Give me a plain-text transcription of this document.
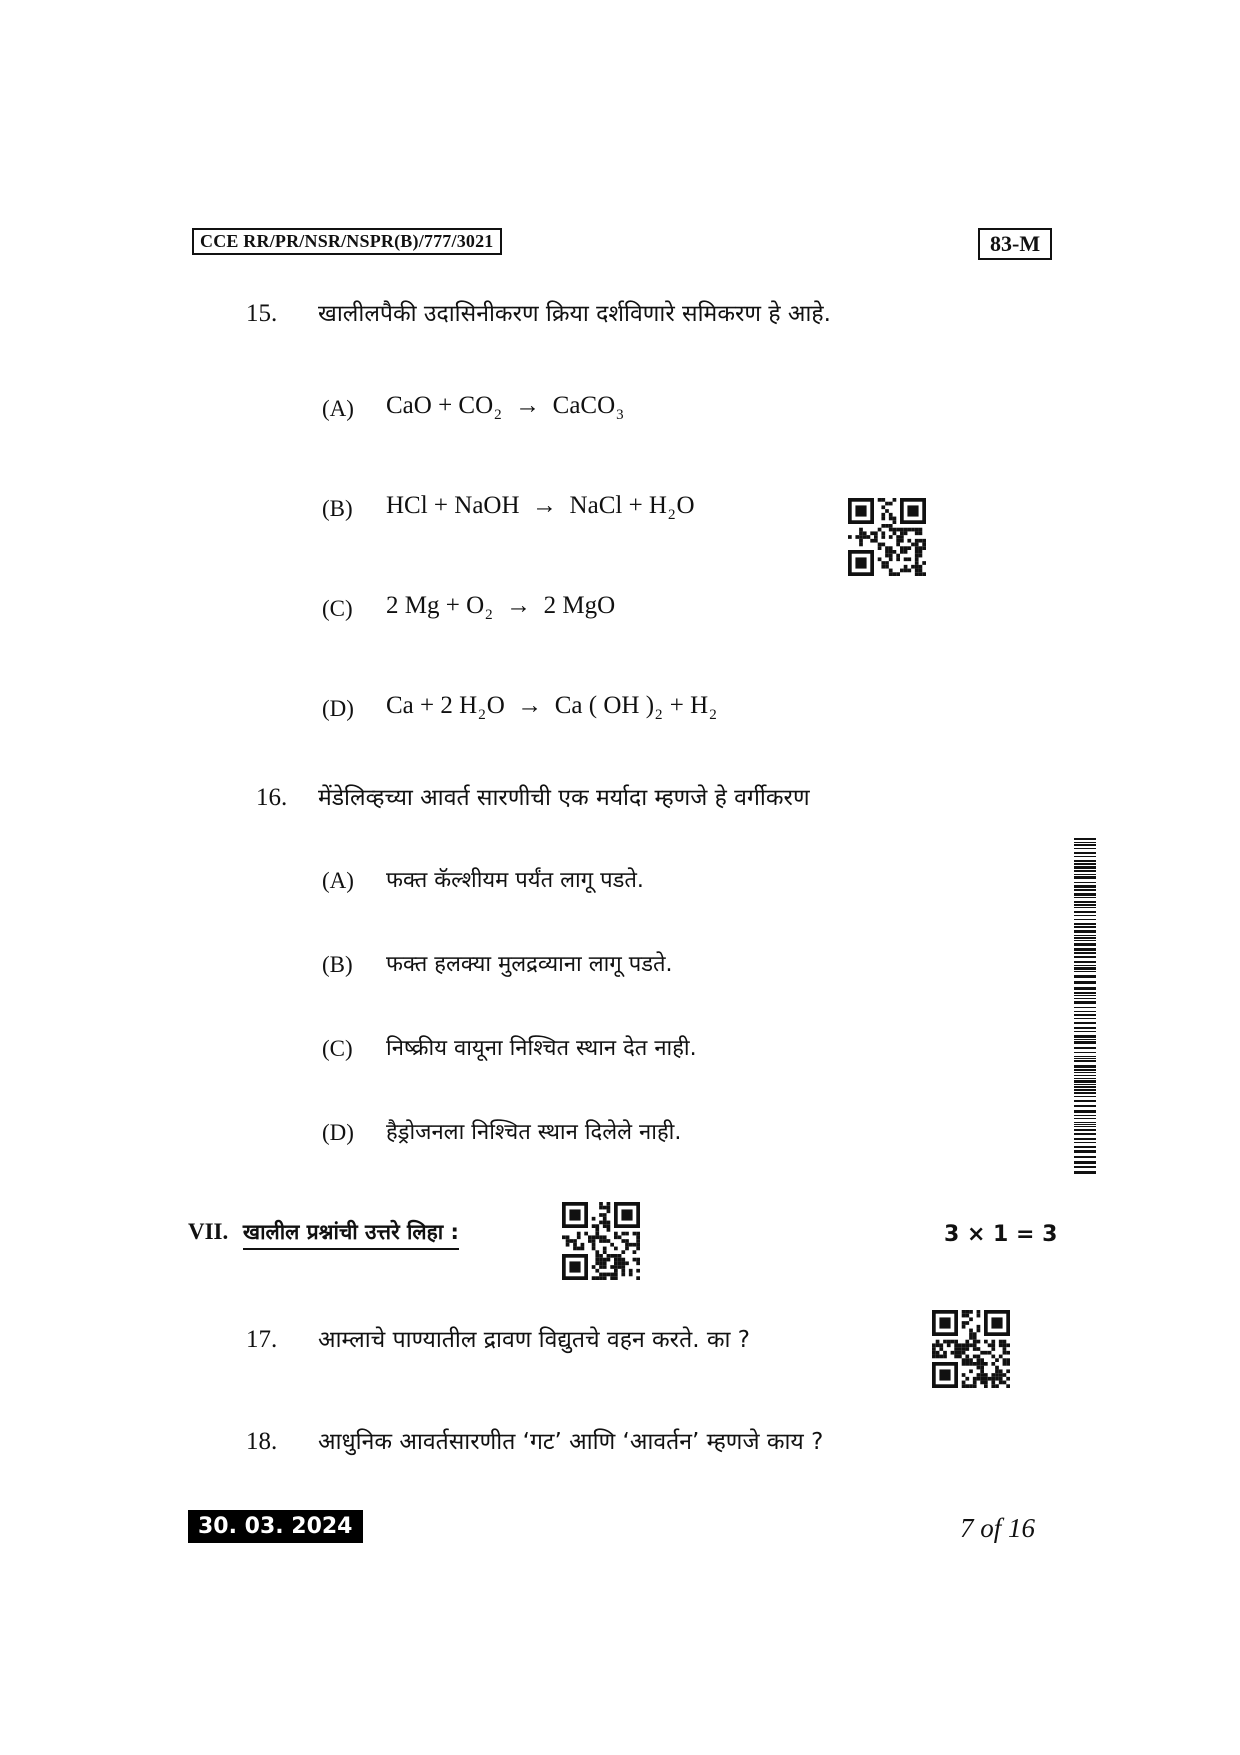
CCE RR/PR/NSR/NSPR(B)/777/3021	83-M
15. खालीलपैकी उदासिनीकरण क्रिया दर्शविणारे समिकरण हे आहे.
(A) CaO + $CO_2$ → CaCO$_3$
(B) HCl + NaOH → NaCl + $H_2O$
(C) 2 $Mg + O_2 \to 2$ MgO
(D) Ca + 2 $H_2O \to Ca$ ( OH )$_2 + H_2$
16. मेंडेलिव्हच्या आवर्त सारणीची एक मर्यादा म्हणजे हे वर्गीकरण
(A) फक्त कॅल्शीयम पर्यंत लागू पडते.
(B) फक्त हलक्या मुलद्रव्याना लागू पडते.
(C) निष्क्रीय वायूना निश्चित स्थान देत नाही.
(D) हैड्रोजनला निश्चित स्थान दिलेले नाही.
VII. खालील प्रश्नांची उत्तरे लिहा :	3 × 1 = 3
17. आम्लाचे पाण्यातील द्रावण विद्युतचे वहन करते. का ?
18. आधुनिक आवर्तसारणीत ‘गट’ आणि ‘आवर्तन’ म्हणजे काय ?
30. 03. 2024	7 of 16
